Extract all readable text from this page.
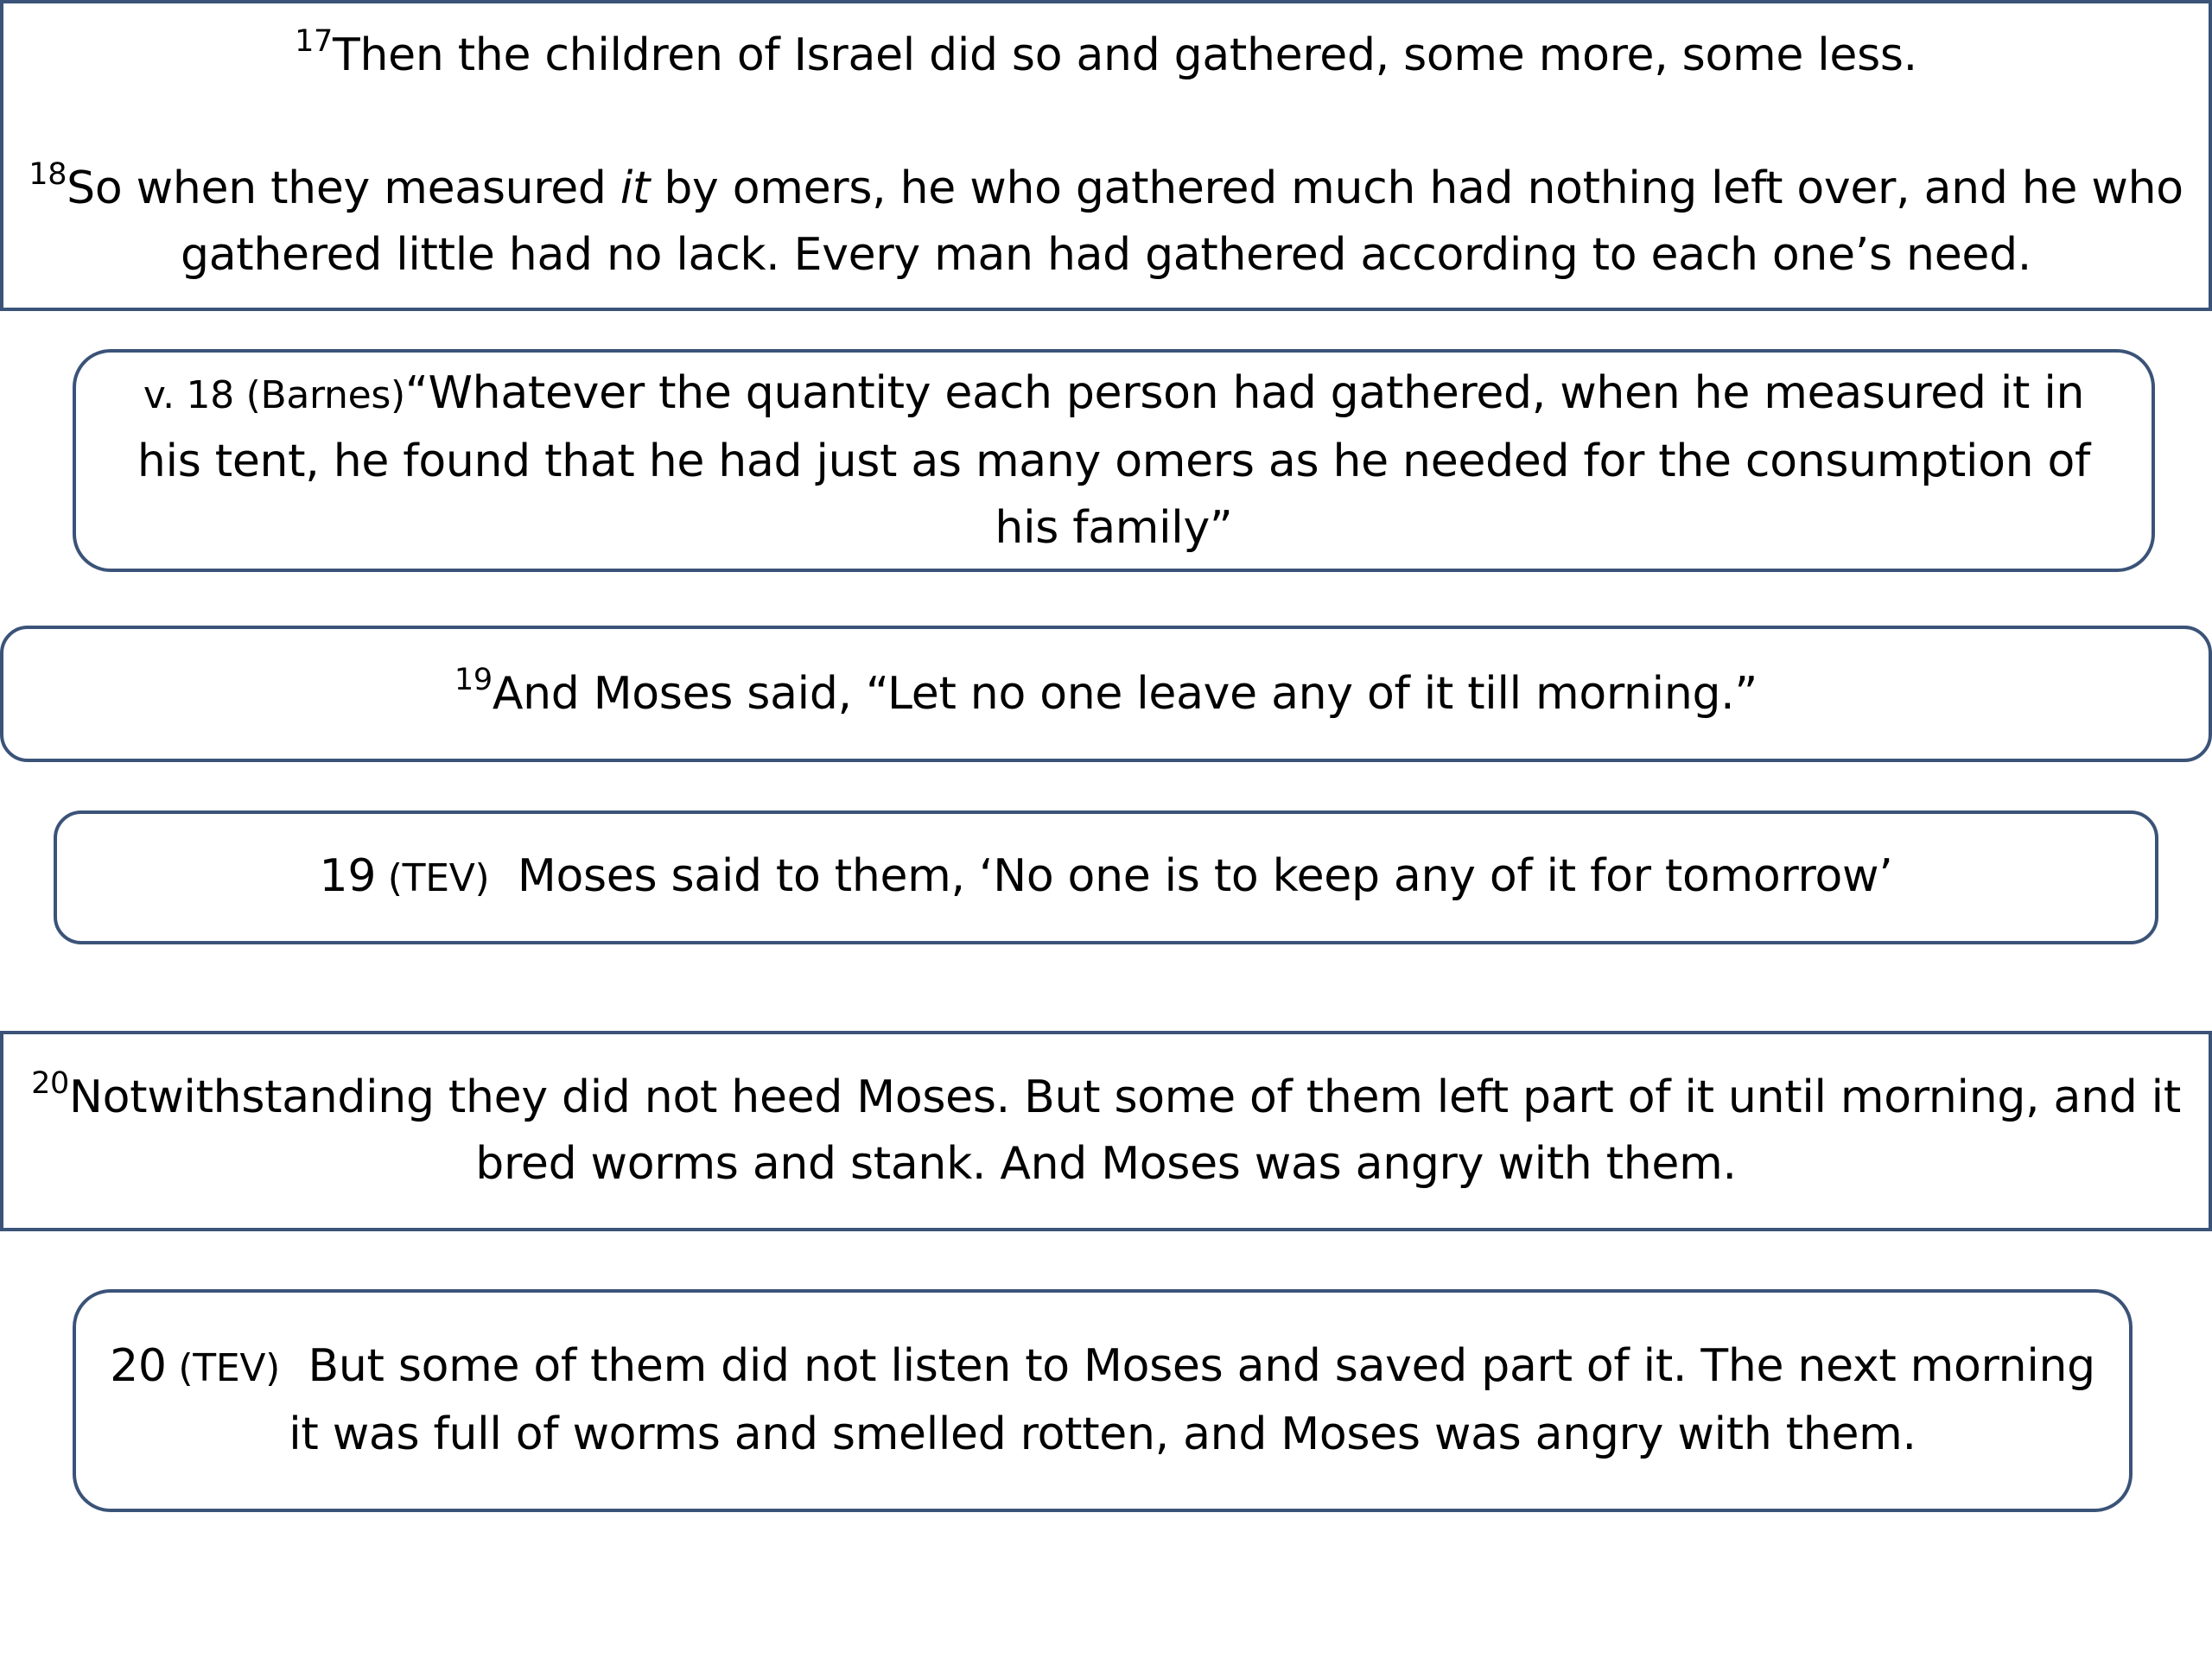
$^{17}$Then the children of Israel did so and gathered, some more, some less.
$^{18}$So when they measured it by omers, he who gathered much had nothing left over, and he who gathered little had no lack. Every man had gathered according to each one’s need.

v. 18 (Barnes)“Whatever the quantity each person had gathered, when he measured it in his tent, he found that he had just as many omers as he needed for the consumption of his family”

$^{19}$And Moses said, “Let no one leave any of it till morning.”

19 (TEV)  Moses said to them, ‘No one is to keep any of it for tomorrow’

$^{20}$Notwithstanding they did not heed Moses. But some of them left part of it until morning, and it bred worms and stank. And Moses was angry with them.

20 (TEV)  But some of them did not listen to Moses and saved part of it. The next morning it was full of worms and smelled rotten, and Moses was angry with them.
